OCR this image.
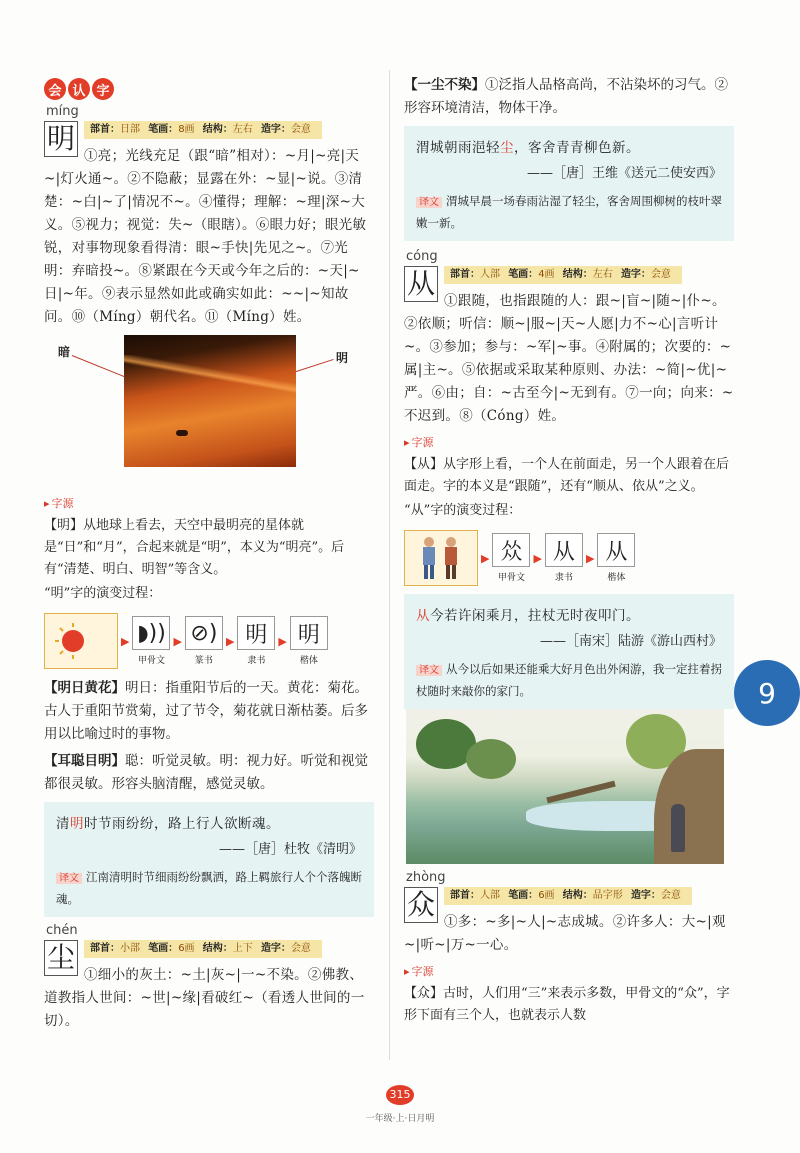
会 认 字
míng
明	部首：日部 笔画：8画 结构：左右 造字：会意
①亮；光线充足（跟“暗”相对）：~月|~亮|天~|灯火通~。②不隐蔽；显露在外：~显|~说。③清楚：~白|~了|情况不~。④懂得；理解：~理|深~大义。⑤视力；视觉：失~（眼瞎）。⑥眼力好；眼光敏锐，对事物现象看得清：眼~手快|先见之~。⑦光明：弃暗投~。⑧紧跟在今天或今年之后的：~天|~日|~年。⑨表示显然如此或确实如此：~~|~知故问。⑩（Míng）朝代名。⑪（Míng）姓。
暗	明
▸ 字源
【明】从地球上看去，天空中最明亮的星体就是“日”和“月”，合起来就是“明”，本义为“明亮”。后有“清楚、明白、明智”等含义。
“明”字的演变过程：
▶ ◗))
甲骨文
▶ ⊘)
篆书
▶ 明
隶书
▶ 明
楷体
【明日黄花】明日：指重阳节后的一天。黄花：菊花。古人于重阳节赏菊，过了节令，菊花就日渐枯萎。后多用以比喻过时的事物。
【耳聪目明】聪：听觉灵敏。明：视力好。听觉和视觉都很灵敏。形容头脑清醒，感觉灵敏。
清明时节雨纷纷，路上行人欲断魂。
——［唐］杜牧《清明》
译文 江南清明时节细雨纷纷飘洒，路上羁旅行人个个落魄断魂。
chén
尘	部首：小部 笔画：6画 结构：上下 造字：会意
①细小的灰土：~土|灰~|一~不染。②佛教、道教指人世间：~世|~缘|看破红~（看透人世间的一切）。
【一尘不染】①泛指人品格高尚，不沾染坏的习气。②形容环境清洁，物体干净。
渭城朝雨浥轻尘，客舍青青柳色新。
——［唐］王维《送元二使安西》
译文 渭城早晨一场春雨沾湿了轻尘，客舍周围柳树的枝叶翠嫩一新。
cóng
从	部首：人部 笔画：4画 结构：左右 造字：会意
①跟随，也指跟随的人：跟~|盲~|随~|仆~。②依顺；听信：顺~|服~|天~人愿|力不~心|言听计~。③参加；参与：~军|~事。④附属的；次要的：~属|主~。⑤依据或采取某种原则、办法：~简|~优|~严。⑥由；自：~古至今|~无到有。⑦一向；向来：~不迟到。⑧（Cóng）姓。
▸ 字源
【从】从字形上看，一个人在前面走，另一个人跟着在后面走。字的本义是“跟随”，还有“顺从、依从”之义。
“从”字的演变过程：
▶ 𠈌
甲骨文
▶ 从
隶书
▶ 从
楷体
从今若许闲乘月，拄杖无时夜叩门。
——［南宋］陆游《游山西村》
译文 从今以后如果还能乘大好月色出外闲游，我一定拄着拐杖随时来敲你的家门。
zhòng
众	部首：人部 笔画：6画 结构：品字形 造字：会意
①多：~多|~人|~志成城。②许多人：大~|观~|听~|万~一心。
▸ 字源
【众】古时，人们用“三”来表示多数，甲骨文的“众”，字形下面有三个人，也就表示人数
9
315
一年级·上·日月明
